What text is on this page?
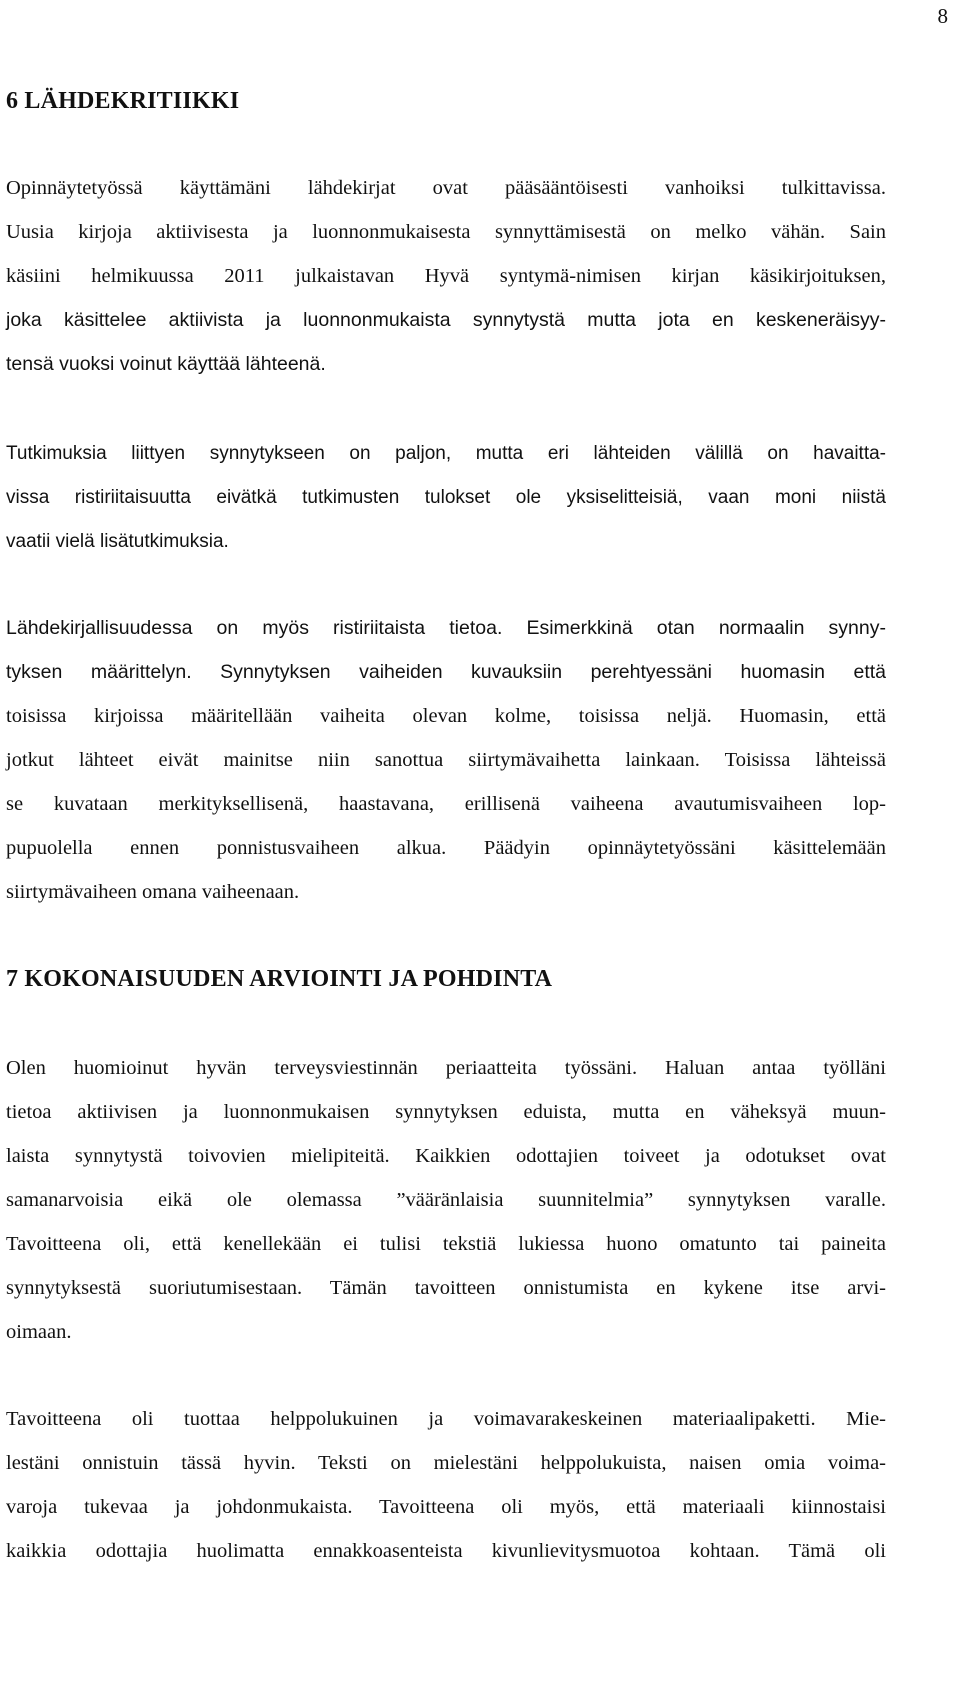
8
6 LÄHDEKRITIIKKI
Opinnäytetyössä käyttämäni lähdekirjat ovat pääsääntöisesti vanhoiksi tulkittavissa.
Uusia kirjoja aktiivisesta ja luonnonmukaisesta synnyttämisestä on melko vähän. Sain
käsiini helmikuussa 2011 julkaistavan Hyvä syntymä-nimisen kirjan käsikirjoituksen,
joka käsittelee aktiivista ja luonnonmukaista synnytystä mutta jota en keskeneräisyy-
tensä vuoksi voinut käyttää lähteenä.
Tutkimuksia liittyen synnytykseen on paljon, mutta eri lähteiden välillä on havaitta-
vissa ristiriitaisuutta eivätkä tutkimusten tulokset ole yksiselitteisiä, vaan moni niistä
vaatii vielä lisätutkimuksia.
Lähdekirjallisuudessa on myös ristiriitaista tietoa. Esimerkkinä otan normaalin synny-
tyksen määrittelyn. Synnytyksen vaiheiden kuvauksiin perehtyessäni huomasin että
toisissa kirjoissa määritellään vaiheita olevan kolme, toisissa neljä. Huomasin, että
jotkut lähteet eivät mainitse niin sanottua siirtymävaihetta lainkaan. Toisissa lähteissä
se kuvataan merkityksellisenä, haastavana, erillisenä vaiheena avautumisvaiheen lop-
pupuolella ennen ponnistusvaiheen alkua. Päädyin opinnäytetyössäni käsittelemään
siirtymävaiheen omana vaiheenaan.
7 KOKONAISUUDEN ARVIOINTI JA POHDINTA
Olen huomioinut hyvän terveysviestinnän periaatteita työssäni. Haluan antaa työlläni
tietoa aktiivisen ja luonnonmukaisen synnytyksen eduista, mutta en väheksyä muun-
laista synnytystä toivovien mielipiteitä. Kaikkien odottajien toiveet ja odotukset ovat
samanarvoisia eikä ole olemassa ”vääränlaisia suunnitelmia” synnytyksen varalle.
Tavoitteena oli, että kenellekään ei tulisi tekstiä lukiessa huono omatunto tai paineita
synnytyksestä suoriutumisestaan. Tämän tavoitteen onnistumista en kykene itse arvi-
oimaan.
Tavoitteena oli tuottaa helppolukuinen ja voimavarakeskeinen materiaalipaketti. Mie-
lestäni onnistuin tässä hyvin. Teksti on mielestäni helppolukuista, naisen omia voima-
varoja tukevaa ja johdonmukaista. Tavoitteena oli myös, että materiaali kiinnostaisi
kaikkia odottajia huolimatta ennakkoasenteista kivunlievitysmuotoa kohtaan. Tämä oli
